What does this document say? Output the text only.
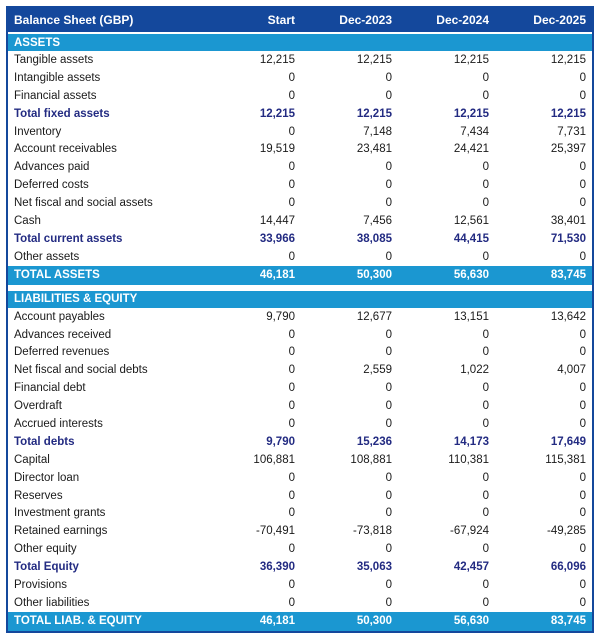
Balance Sheet (GBP)	Start	Dec-2023	Dec-2024	Dec-2025
ASSETS
Tangible assets	12,215	12,215	12,215	12,215
Intangible assets	0	0	0	0
Financial assets	0	0	0	0
Total fixed assets	12,215	12,215	12,215	12,215
Inventory	0	7,148	7,434	7,731
Account receivables	19,519	23,481	24,421	25,397
Advances paid	0	0	0	0
Deferred costs	0	0	0	0
Net fiscal and social assets	0	0	0	0
Cash	14,447	7,456	12,561	38,401
Total current assets	33,966	38,085	44,415	71,530
Other assets	0	0	0	0
TOTAL ASSETS	46,181	50,300	56,630	83,745
LIABILITIES & EQUITY
Account payables	9,790	12,677	13,151	13,642
Advances received	0	0	0	0
Deferred revenues	0	0	0	0
Net fiscal and social debts	0	2,559	1,022	4,007
Financial debt	0	0	0	0
Overdraft	0	0	0	0
Accrued interests	0	0	0	0
Total debts	9,790	15,236	14,173	17,649
Capital	106,881	108,881	110,381	115,381
Director loan	0	0	0	0
Reserves	0	0	0	0
Investment grants	0	0	0	0
Retained earnings	-70,491	-73,818	-67,924	-49,285
Other equity	0	0	0	0
Total Equity	36,390	35,063	42,457	66,096
Provisions	0	0	0	0
Other liabilities	0	0	0	0
TOTAL LIAB. & EQUITY	46,181	50,300	56,630	83,745
